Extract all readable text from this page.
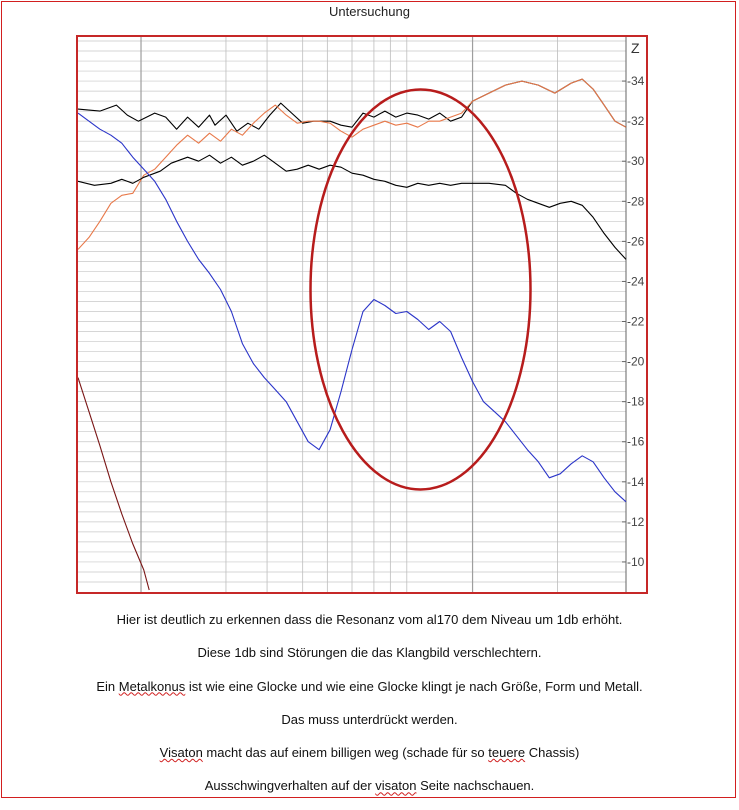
Untersuchung
Z
-34
-32
-30
-28
-26
-24
-22
-20
-18
-16
-14
-12
-10
Hier ist deutlich zu erkennen dass die Resonanz vom al170 dem Niveau um 1db erhöht.
Diese 1db sind Störungen die das Klangbild verschlechtern.
Ein Metalkonus ist wie eine Glocke und wie eine Glocke klingt je nach Größe, Form und Metall.
Das muss unterdrückt werden.
Visaton macht das auf einem billigen weg (schade für so teuere Chassis)
Ausschwingverhalten auf der visaton Seite nachschauen.
